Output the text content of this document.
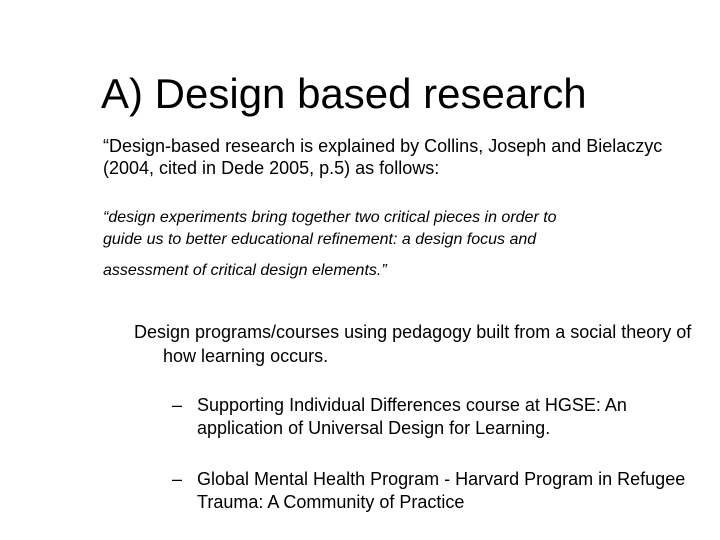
A) Design based research
“Design-based research is explained by Collins, Joseph and Bielaczyc (2004, cited in Dede 2005, p.5) as follows:
“design experiments bring together two critical pieces in order to
guide us to better educational refinement: a design focus and
assessment of critical design elements.”
Design programs/courses using pedagogy built from a social theory of how learning occurs.
– Supporting Individual Differences course at HGSE: An application of Universal Design for Learning.
– Global Mental Health Program - Harvard Program in Refugee Trauma: A Community of Practice
